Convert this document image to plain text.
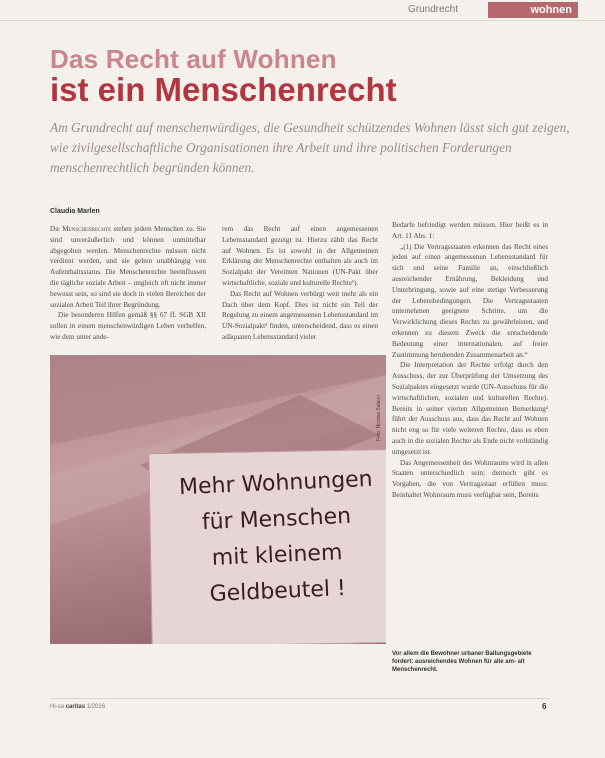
Grundrecht	wohnen
Das Recht auf Wohnen
ist ein Menschenrecht
Am Grundrecht auf menschenwürdiges, die Gesundheit schützendes Wohnen lässt sich gut zeigen, wie zivilgesellschaftliche Organisationen ihre Arbeit und ihre politischen Forderungen menschenrechtlich begründen können.
Claudia Marlen

Die Menschenrechte stehen jedem Menschen zu. Sie sind unveräußerlich und können unmittelbar abgegolten werden. Menschenrechte müssen nicht verdient werden, und sie gelten unabhängig von Aufenthaltsstatus. Die Menschenrechte beeinflussen die tägliche soziale Arbeit – ungleich oft nicht immer bewusst sein, so sind sie doch in vielen Bereichen der sozialen Arbeit Teil ihrer Begründung.

Die besonderen Hilfen gemäß §§ 67 ff. SGB XII sollen in einem menschenwürdigen Leben verhelfen, wie dem unter ande-

rem das Recht auf einen angemessenen Lebensstandard gezeigt ist. Hierzu zählt das Recht auf Wohnen. Es ist sowohl in der Allgemeinen Erklärung der Menschenrechte enthalten als auch im Sozialpakt der Vereinten Nationen (UN-Pakt über wirtschaftliche, soziale und kulturelle Rechte¹).

Das Recht auf Wohnen verbürgt weit mehr als ein Dach über dem Kopf. Dies ist nicht ein Teil der Regelung zu einem angemessenen Lebensstandard im UN-Sozialpakt² finden, unterscheidend, dass es einen adäquaten Lebensstandard vieler

Bedarfe befriedigt werden müssen. Hier heißt es in Art. 11 Abs. 1:

„(1) Die Vertragsstaaten erkennen das Recht eines jeden auf einen angemessenen Lebensstandard für sich und seine Familie an, einschließlich ausreichender Ernährung, Bekleidung und Unterbringung, sowie auf eine stetige Verbesserung der Lebensbedingungen. Die Vertragsstaaten unternehmen geeignete Schritte, um die Verwirklichung dieses Rechts zu gewährleisten, und erkennen zu diesem Zweck die entscheidende Bedeutung einer internationalen, auf freier Zustimmung beruhenden Zusammenarbeit an.“

Die Interpretation der Rechte erfolgt durch den Ausschuss, der zur Überprüfung der Umsetzung des Sozialpaktes eingesetzt wurde (UN-Ausschuss für die wirtschaftlichen, sozialen und kulturellen Rechte). Bereits in seiner vierten Allgemeinen Bemerkung³ führt der Ausschuss aus, dass das Recht auf Wohnen nicht eng so für viele weiteren Rechte, dass es eben auch in die sozialen Rechte als Ende nicht vollständig umgesetzt ist.

Das Angemessenheit des Wohnraums wird in allen Staaten unterschiedlich sein; dennoch gibt es Vorgaben, die von Vertragsstaat erfüllen muss: Beinhaltet Wohnraum muss verfügbar sein, Bereits

Foto: Nicolas Salaun
Mehr Wohnungen
für Menschen
mit kleinem
Geldbeutel !
Vor allem die Bewohner urbaner Ballungsgebiete fordert: ausreichendes Wohnen für alle am- alt Menschenrecht.
Hi-sa caritas 1/2016	6
